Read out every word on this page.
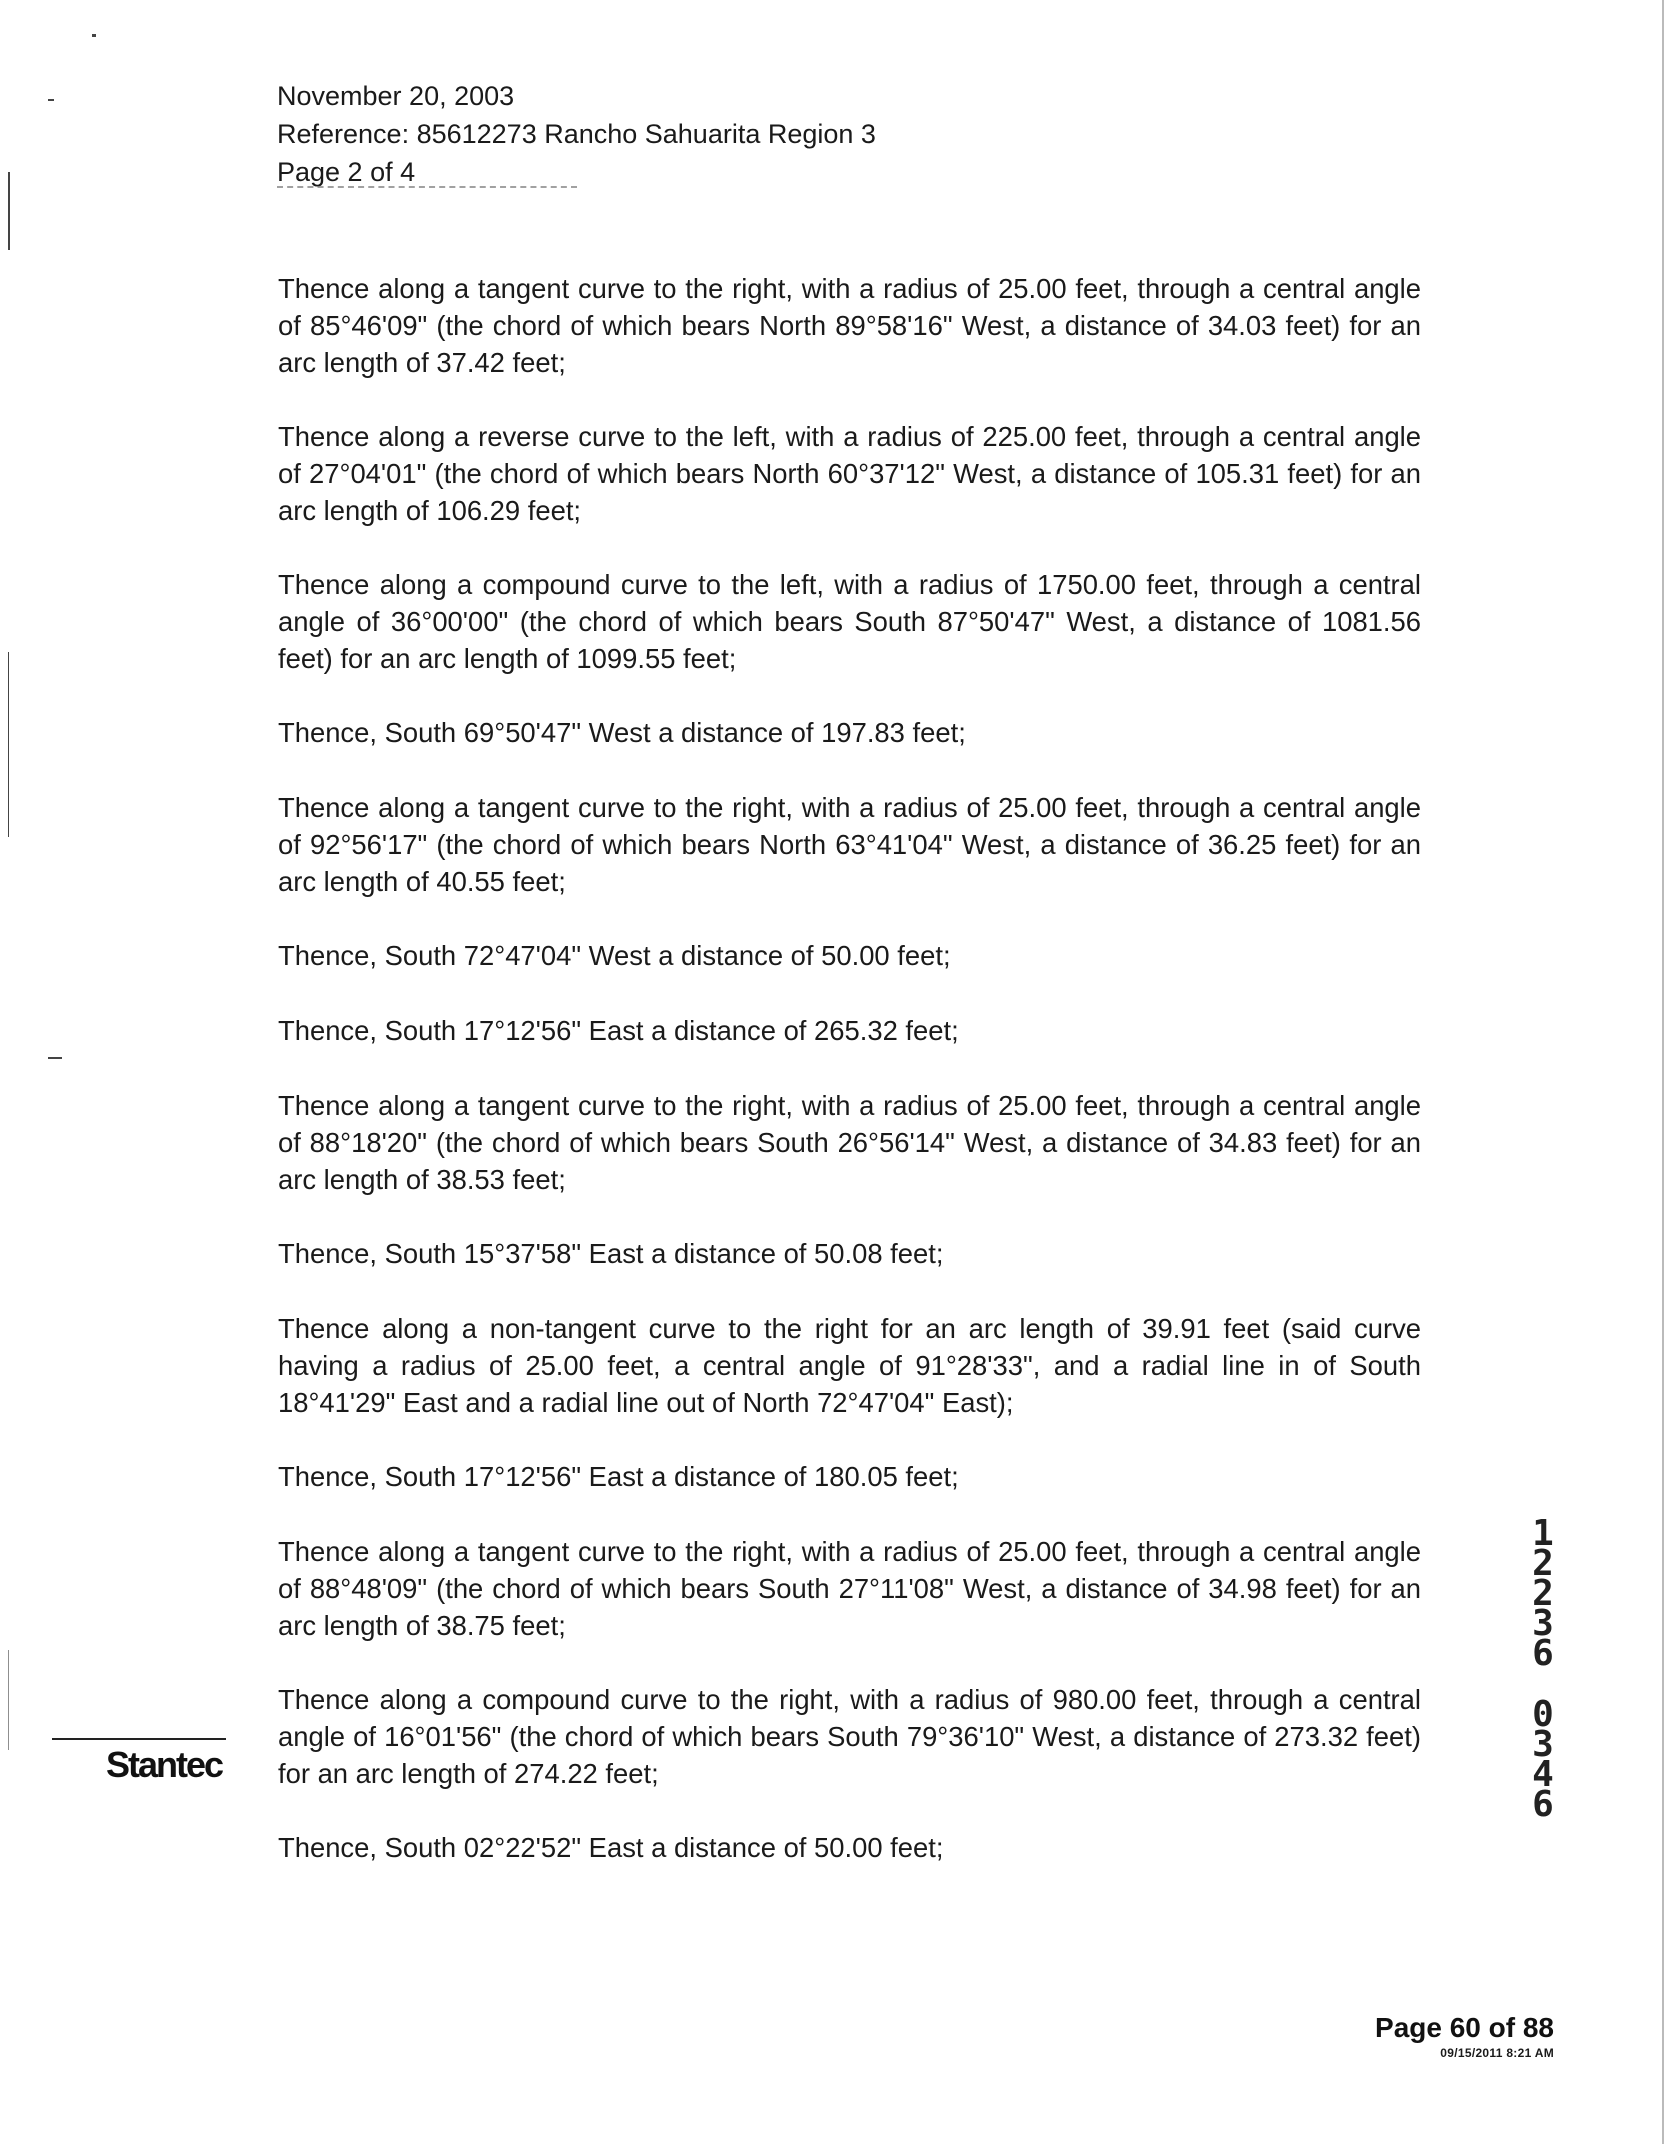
November 20, 2003
Reference: 85612273 Rancho Sahuarita Region 3
Page 2 of 4

Thence along a tangent curve to the right, with a radius of 25.00 feet, through a central angle of 85°46'09" (the chord of which bears North 89°58'16" West, a distance of 34.03 feet) for an arc length of 37.42 feet;

Thence along a reverse curve to the left, with a radius of 225.00 feet, through a central angle of 27°04'01" (the chord of which bears North 60°37'12" West, a distance of 105.31 feet) for an arc length of 106.29 feet;

Thence along a compound curve to the left, with a radius of 1750.00 feet, through a central angle of 36°00'00" (the chord of which bears South 87°50'47" West, a distance of 1081.56 feet) for an arc length of 1099.55 feet;

Thence, South 69°50'47" West a distance of 197.83 feet;

Thence along a tangent curve to the right, with a radius of 25.00 feet, through a central angle of 92°56'17" (the chord of which bears North 63°41'04" West, a distance of 36.25 feet) for an arc length of 40.55 feet;

Thence, South 72°47'04" West a distance of 50.00 feet;

Thence, South 17°12'56" East a distance of 265.32 feet;

Thence along a tangent curve to the right, with a radius of 25.00 feet, through a central angle of 88°18'20" (the chord of which bears South 26°56'14" West, a distance of 34.83 feet) for an arc length of 38.53 feet;

Thence, South 15°37'58" East a distance of 50.08 feet;

Thence along a non-tangent curve to the right for an arc length of 39.91 feet (said curve having a radius of 25.00 feet, a central angle of 91°28'33", and a radial line in of South 18°41'29" East and a radial line out of North 72°47'04" East);

Thence, South 17°12'56" East a distance of 180.05 feet;

Thence along a tangent curve to the right, with a radius of 25.00 feet, through a central angle of 88°48'09" (the chord of which bears South 27°11'08" West, a distance of 34.98 feet) for an arc length of 38.75 feet;

Thence along a compound curve to the right, with a radius of 980.00 feet, through a central angle of 16°01'56" (the chord of which bears South 79°36'10" West, a distance of 273.32 feet) for an arc length of 274.22 feet;

Thence, South 02°22'52" East a distance of 50.00 feet;

Stantec
1
2
2
3
6
0
3
4
6
Page 60 of 88
09/15/2011 8:21 AM
